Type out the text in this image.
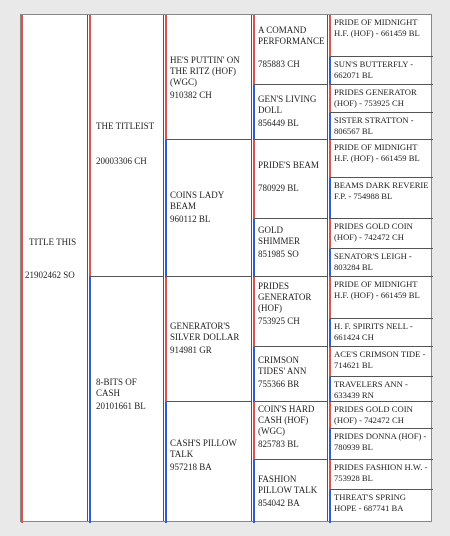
TITLE THIS
21902462 SO
THE TITLEIST
20003306 CH
8-BITS OF CASH
20101661 BL
HE'S PUTTIN' ON THE RITZ (HOF) (WGC)
910382 CH
COINS LADY BEAM
960112 BL
GENERATOR'S SILVER DOLLAR
914981 GR
CASH'S PILLOW TALK
957218 BA
A COMAND PERFORMANCE
785883 CH
GEN'S LIVING DOLL
856449 BL
PRIDE'S BEAM
780929 BL
GOLD SHIMMER
851985 SO
PRIDES GENERATOR (HOF)
753925 CH
CRIMSON TIDES' ANN
755366 BR
COIN'S HARD CASH (HOF) (WGC)
825783 BL
FASHION PILLOW TALK
854042 BA
PRIDE OF MIDNIGHT H.F. (HOF) - 661459 BL
SUN'S BUTTERFLY - 662071 BL
PRIDES GENERATOR (HOF) - 753925 CH
SISTER STRATTON - 806567 BL
PRIDE OF MIDNIGHT H.F. (HOF) - 661459 BL
BEAMS DARK REVERIE F.P. - 754988 BL
PRIDES GOLD COIN (HOF) - 742472 CH
SENATOR'S LEIGH - 803284 BL
PRIDE OF MIDNIGHT H.F. (HOF) - 661459 BL
H. F. SPIRITS NELL - 661424 CH
ACE'S CRIMSON TIDE - 714621 BL
TRAVELERS ANN - 633439 RN
PRIDES GOLD COIN (HOF) - 742472 CH
PRIDES DONNA (HOF) - 780939 BL
PRIDES FASHION H.W. - 753928 BL
THREAT'S SPRING HOPE - 687741 BA
